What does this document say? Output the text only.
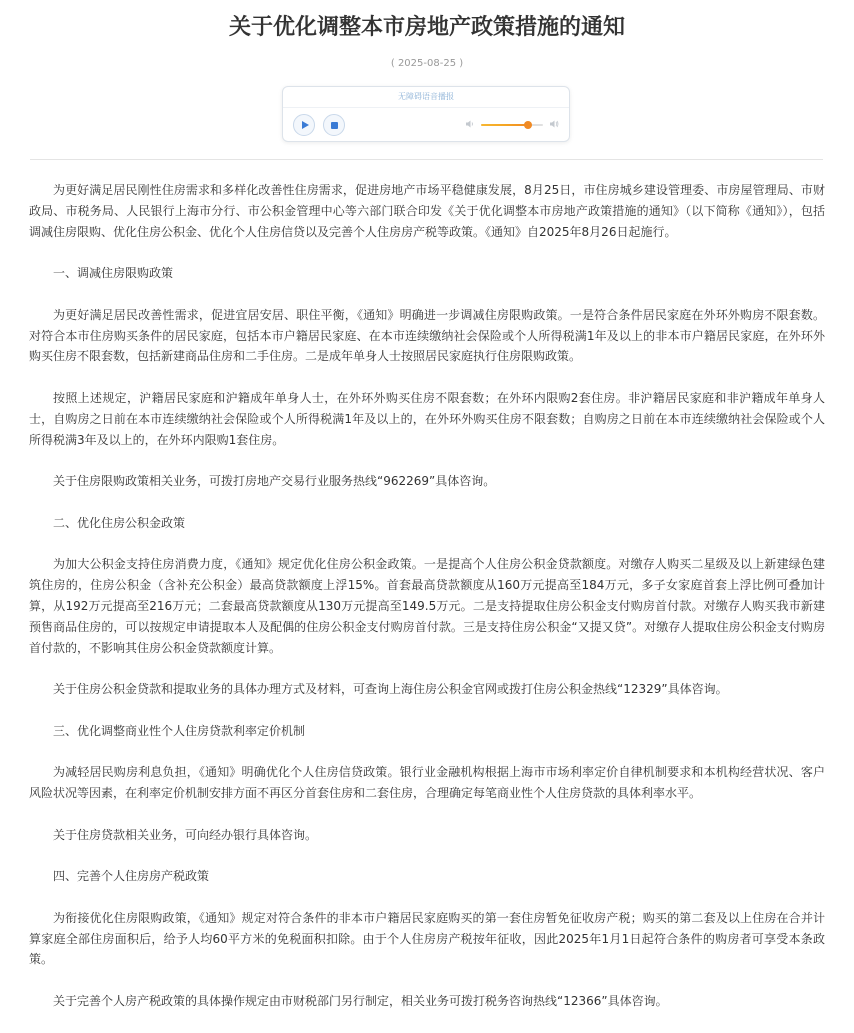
关于优化调整本市房地产政策措施的通知
( 2025-08-25 )
无障碍语音播报

为更好满足居民刚性住房需求和多样化改善性住房需求，促进房地产市场平稳健康发展，8月25日，市住房城乡建设管理委、市房屋管理局、市财政局、市税务局、人民银行上海市分行、市公积金管理中心等六部门联合印发《关于优化调整本市房地产政策措施的通知》（以下简称《通知》），包括调减住房限购、优化住房公积金、优化个人住房信贷以及完善个人住房房产税等政策。《通知》自2025年8月26日起施行。

一、调减住房限购政策

为更好满足居民改善性需求，促进宜居安居、职住平衡，《通知》明确进一步调减住房限购政策。一是符合条件居民家庭在外环外购房不限套数。对符合本市住房购买条件的居民家庭，包括本市户籍居民家庭、在本市连续缴纳社会保险或个人所得税满1年及以上的非本市户籍居民家庭，在外环外购买住房不限套数，包括新建商品住房和二手住房。二是成年单身人士按照居民家庭执行住房限购政策。

按照上述规定，沪籍居民家庭和沪籍成年单身人士，在外环外购买住房不限套数；在外环内限购2套住房。非沪籍居民家庭和非沪籍成年单身人士，自购房之日前在本市连续缴纳社会保险或个人所得税满1年及以上的，在外环外购买住房不限套数；自购房之日前在本市连续缴纳社会保险或个人所得税满3年及以上的，在外环内限购1套住房。

关于住房限购政策相关业务，可拨打房地产交易行业服务热线“962269”具体咨询。

二、优化住房公积金政策

为加大公积金支持住房消费力度，《通知》规定优化住房公积金政策。一是提高个人住房公积金贷款额度。对缴存人购买二星级及以上新建绿色建筑住房的，住房公积金（含补充公积金）最高贷款额度上浮15%。首套最高贷款额度从160万元提高至184万元，多子女家庭首套上浮比例可叠加计算，从192万元提高至216万元；二套最高贷款额度从130万元提高至149.5万元。二是支持提取住房公积金支付购房首付款。对缴存人购买我市新建预售商品住房的，可以按规定申请提取本人及配偶的住房公积金支付购房首付款。三是支持住房公积金“又提又贷”。对缴存人提取住房公积金支付购房首付款的，不影响其住房公积金贷款额度计算。

关于住房公积金贷款和提取业务的具体办理方式及材料，可查询上海住房公积金官网或拨打住房公积金热线“12329”具体咨询。

三、优化调整商业性个人住房贷款利率定价机制

为减轻居民购房利息负担，《通知》明确优化个人住房信贷政策。银行业金融机构根据上海市市场利率定价自律机制要求和本机构经营状况、客户风险状况等因素，在利率定价机制安排方面不再区分首套住房和二套住房，合理确定每笔商业性个人住房贷款的具体利率水平。

关于住房贷款相关业务，可向经办银行具体咨询。

四、完善个人住房房产税政策

为衔接优化住房限购政策，《通知》规定对符合条件的非本市户籍居民家庭购买的第一套住房暂免征收房产税；购买的第二套及以上住房在合并计算家庭全部住房面积后，给予人均60平方米的免税面积扣除。由于个人住房房产税按年征收，因此2025年1月1日起符合条件的购房者可享受本条政策。

关于完善个人房产税政策的具体操作规定由市财税部门另行制定，相关业务可拨打税务咨询热线“12366”具体咨询。
